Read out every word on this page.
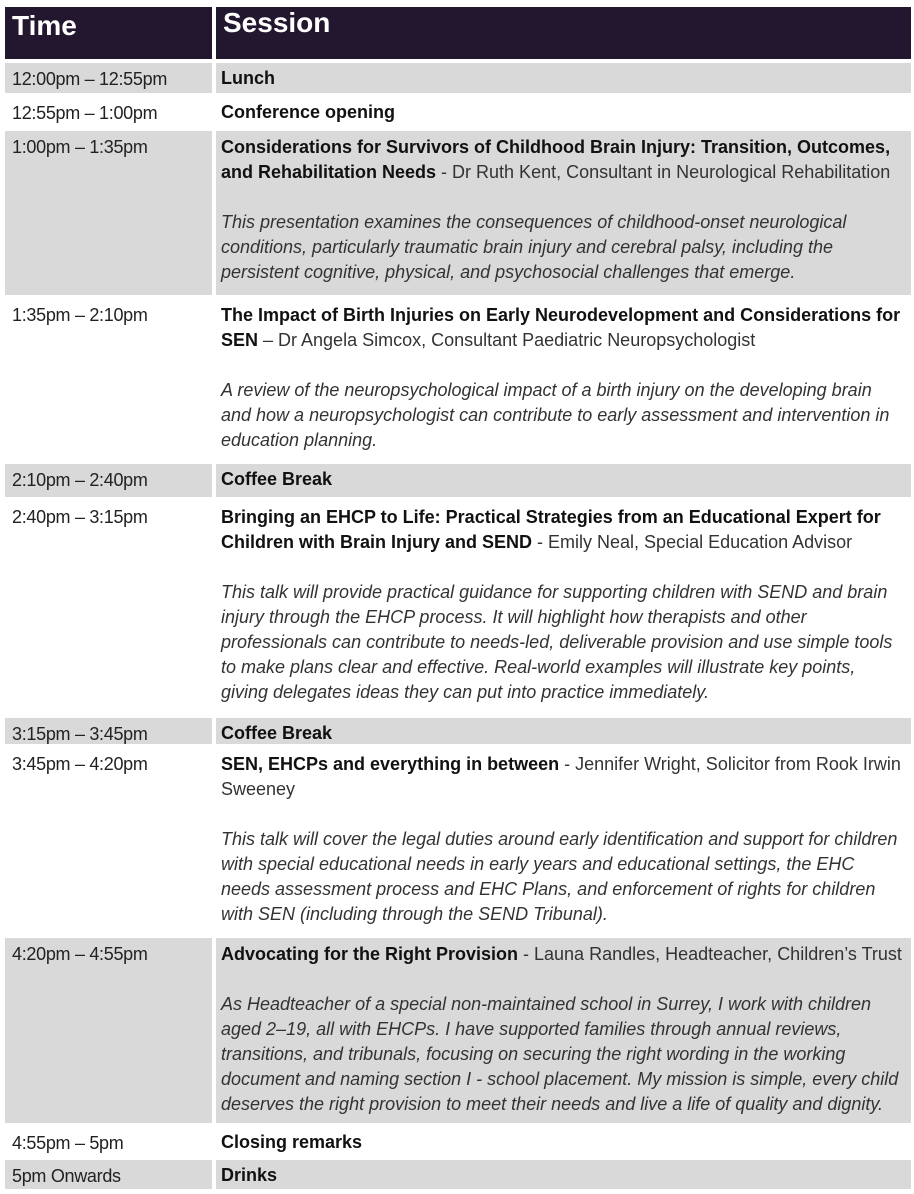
Time	Session
12:00pm – 12:55pm	Lunch
12:55pm – 1:00pm	Conference opening
1:00pm – 1:35pm	Considerations for Survivors of Childhood Brain Injury: Transition, Outcomes, and Rehabilitation Needs - Dr Ruth Kent, Consultant in Neurological Rehabilitation
This presentation examines the consequences of childhood-onset neurological conditions, particularly traumatic brain injury and cerebral palsy, including the persistent cognitive, physical, and psychosocial challenges that emerge.
1:35pm – 2:10pm	The Impact of Birth Injuries on Early Neurodevelopment and Considerations for SEN – Dr Angela Simcox, Consultant Paediatric Neuropsychologist
A review of the neuropsychological impact of a birth injury on the developing brain and how a neuropsychologist can contribute to early assessment and intervention in education planning.
2:10pm – 2:40pm	Coffee Break
2:40pm – 3:15pm	Bringing an EHCP to Life: Practical Strategies from an Educational Expert for Children with Brain Injury and SEND - Emily Neal, Special Education Advisor
This talk will provide practical guidance for supporting children with SEND and brain injury through the EHCP process. It will highlight how therapists and other professionals can contribute to needs-led, deliverable provision and use simple tools to make plans clear and effective. Real-world examples will illustrate key points, giving delegates ideas they can put into practice immediately.
3:15pm – 3:45pm	Coffee Break
3:45pm – 4:20pm	SEN, EHCPs and everything in between - Jennifer Wright, Solicitor from Rook Irwin Sweeney
This talk will cover the legal duties around early identification and support for children with special educational needs in early years and educational settings, the EHC needs assessment process and EHC Plans, and enforcement of rights for children with SEN (including through the SEND Tribunal).
4:20pm – 4:55pm	Advocating for the Right Provision - Launa Randles, Headteacher, Children’s Trust
As Headteacher of a special non-maintained school in Surrey, I work with children aged 2–19, all with EHCPs. I have supported families through annual reviews, transitions, and tribunals, focusing on securing the right wording in the working document and naming section I - school placement. My mission is simple, every child deserves the right provision to meet their needs and live a life of quality and dignity.
4:55pm – 5pm	Closing remarks
5pm Onwards	Drinks
